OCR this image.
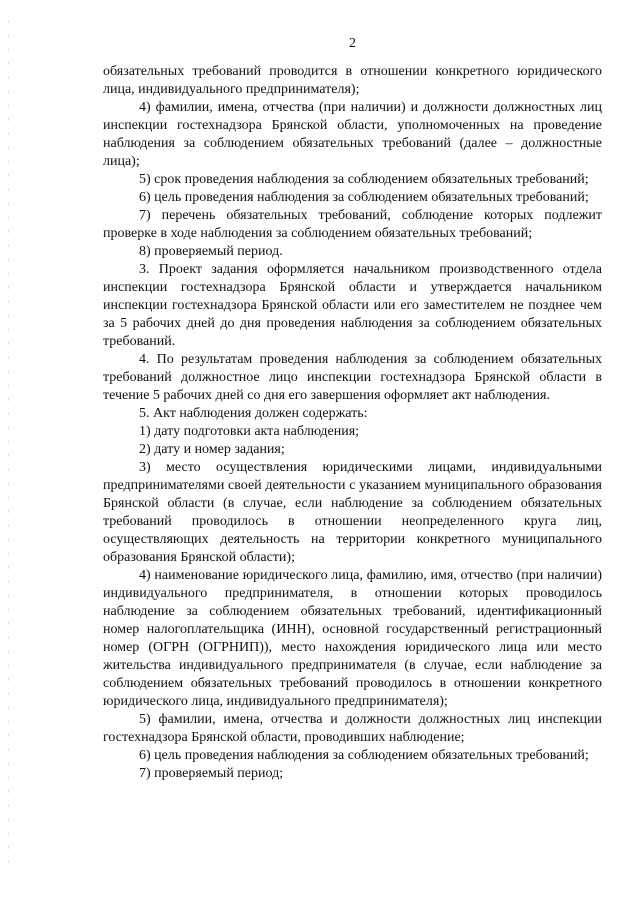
2

обязательных требований проводится в отношении конкретного юридического лица, индивидуального предпринимателя);

4) фамилии, имена, отчества (при наличии) и должности должностных лиц инспекции гостехнадзора Брянской области, уполномоченных на проведение наблюдения за соблюдением обязательных требований (далее – должностные лица);

5) срок проведения наблюдения за соблюдением обязательных требований;

6) цель проведения наблюдения за соблюдением обязательных требований;

7) перечень обязательных требований, соблюдение которых подлежит проверке в ходе наблюдения за соблюдением обязательных требований;

8) проверяемый период.

3. Проект задания оформляется начальником производственного отдела инспекции гостехнадзора Брянской области и утверждается начальником инспекции гостехнадзора Брянской области или его заместителем не позднее чем за 5 рабочих дней до дня проведения наблюдения за соблюдением обязательных требований.

4. По результатам проведения наблюдения за соблюдением обязательных требований должностное лицо инспекции гостехнадзора Брянской области в течение 5 рабочих дней со дня его завершения оформляет акт наблюдения.

5. Акт наблюдения должен содержать:

1) дату подготовки акта наблюдения;

2) дату и номер задания;

3) место осуществления юридическими лицами, индивидуальными предпринимателями своей деятельности с указанием муниципального образования Брянской области (в случае, если наблюдение за соблюдением обязательных требований проводилось в отношении неопределенного круга лиц, осуществляющих деятельность на территории конкретного муниципального образования Брянской области);

4) наименование юридического лица, фамилию, имя, отчество (при наличии) индивидуального предпринимателя, в отношении которых проводилось наблюдение за соблюдением обязательных требований, идентификационный номер налогоплательщика (ИНН), основной государственный регистрационный номер (ОГРН (ОГРНИП)), место нахождения юридического лица или место жительства индивидуального предпринимателя (в случае, если наблюдение за соблюдением обязательных требований проводилось в отношении конкретного юридического лица, индивидуального предпринимателя);

5) фамилии, имена, отчества и должности должностных лиц инспекции гостехнадзора Брянской области, проводивших наблюдение;

6) цель проведения наблюдения за соблюдением обязательных требований;

7) проверяемый период;
